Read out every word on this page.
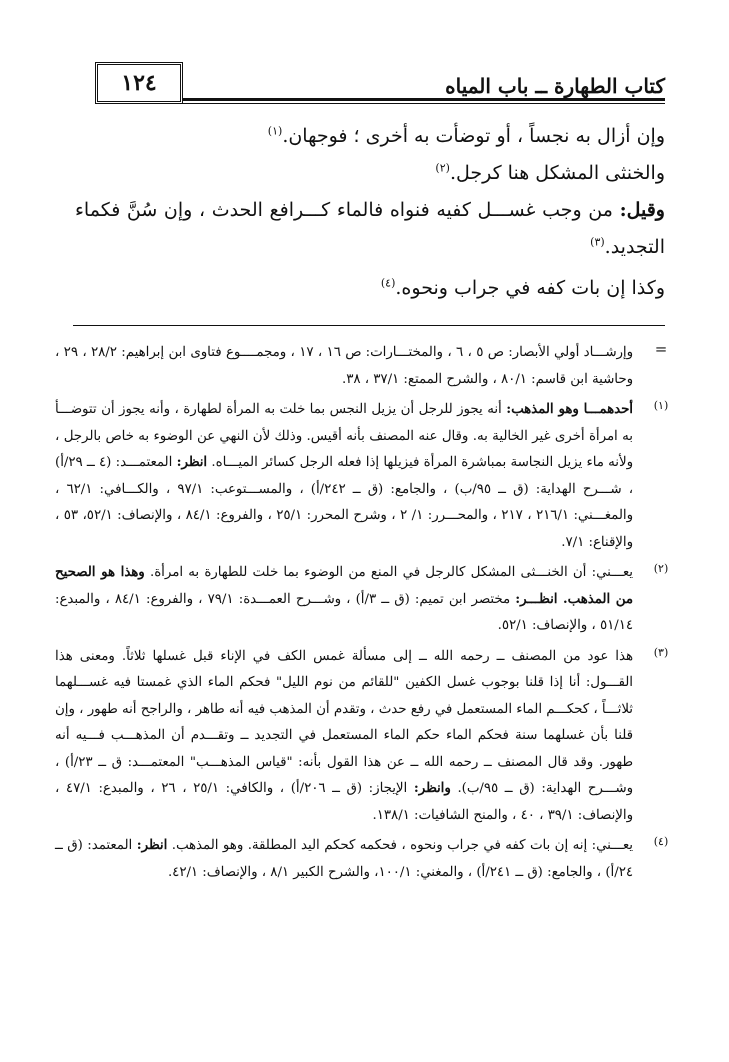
كتاب الطهارة ــ باب المياه
١٢٤

وإن أزال به نجساً ، أو توضأت به أخرى ؛ فوجهان.$^{(١)}$

والخنثى المشكل هنا كرجل.$^{(٢)}$

وقيل: من وجب غســـل كفيه فنواه فالماء كـــرافع الحدث ، وإن سُنَّ فكماء التجديد.$^{(٣)}$

وكذا إن بات كفه في جراب ونحوه.$^{(٤)}$

=
وإرشـــاد أولي الأبصار: ص ٥ ، ٦ ، والمختـــارات: ص ١٦ ، ١٧ ، ومجمــــوع فتاوى ابن إبراهيم: ٢٨/٢ ، ٢٩ ، وحاشية ابن قاسم: ٨٠/١ ، والشرح الممتع: ٣٧/١ ، ٣٨.
(١)
أحدهمـــا وهو المذهب: أنه يجوز للرجل أن يزيل النجس بما خلت به المرأة لطهارة ، وأنه يجوز أن تتوضـــأ به امرأة أخرى غير الخالية به. وقال عنه المصنف بأنه أقيس. وذلك لأن النهي عن الوضوء به خاص بالرجل ، ولأنه ماء يزيل النجاسة بمباشرة المرأة فيزيلها إذا فعله الرجل كسائر الميـــاه. انظر: المعتمـــد: (٤ ــ ٢٩/أ) ، شـــرح الهداية: (ق ــ ٩٥/ب) ، والجامع: (ق ــ ٢٤٢/أ) ، والمســـتوعب: ٩٧/١ ، والكـــافي: ٦٢/١ ، والمغـــني: ٢١٦/١ ، ٢١٧ ، والمحـــرر: ١/ ٢ ، وشرح المحرر: ٢٥/١ ، والفروع: ٨٤/١ ، والإنصاف: ٥٢/١، ٥٣ ، والإقناع: ٧/١.
(٢)
يعـــني: أن الخنـــثى المشكل كالرجل في المنع من الوضوء بما خلت للطهارة به امرأة. وهذا هو الصحيح من المذهب. انظـــر: مختصر ابن تميم: (ق ــ ٣/أ) ، وشـــرح العمـــدة: ٧٩/١ ، والفروع: ٨٤/١ ، والمبدع: ٥١/١٤ ، والإنصاف: ٥٢/١.
(٣)
هذا عود من المصنف ــ رحمه الله ــ إلى مسألة غمس الكف في الإناء قبل غسلها ثلاثاً. ومعنى هذا القـــول: أنا إذا قلنا بوجوب غسل الكفين "للقائم من نوم الليل" فحكم الماء الذي غمستا فيه غســـلهما ثلاثـــاً ، كحكـــم الماء المستعمل في رفع حدث ، وتقدم أن المذهب فيه أنه طاهر ، والراجح أنه طهور ، وإن قلنا بأن غسلهما سنة فحكم الماء حكم الماء المستعمل في التجديد ــ وتقـــدم أن المذهـــب فـــيه أنه طهور. وقد قال المصنف ــ رحمه الله ــ عن هذا القول بأنه: "قياس المذهـــب" المعتمـــد: ق ــ ٢٣/أ) ، وشـــرح الهداية: (ق ــ ٩٥/ب). وانظر: الإيجاز: (ق ــ ٢٠٦/أ) ، والكافي: ٢٥/١ ، ٢٦ ، والمبدع: ٤٧/١ ، والإنصاف: ٣٩/١ ، ٤٠ ، والمنح الشافيات: ١٣٨/١.
(٤)
يعـــني: إنه إن بات كفه في جراب ونحوه ، فحكمه كحكم اليد المطلقة. وهو المذهب. انظر: المعتمد: (ق ــ ٢٤/أ) ، والجامع: (ق ــ ٢٤١/أ) ، والمغني: ١٠٠/١، والشرح الكبير ٨/١ ، والإنصاف: ٤٢/١.
